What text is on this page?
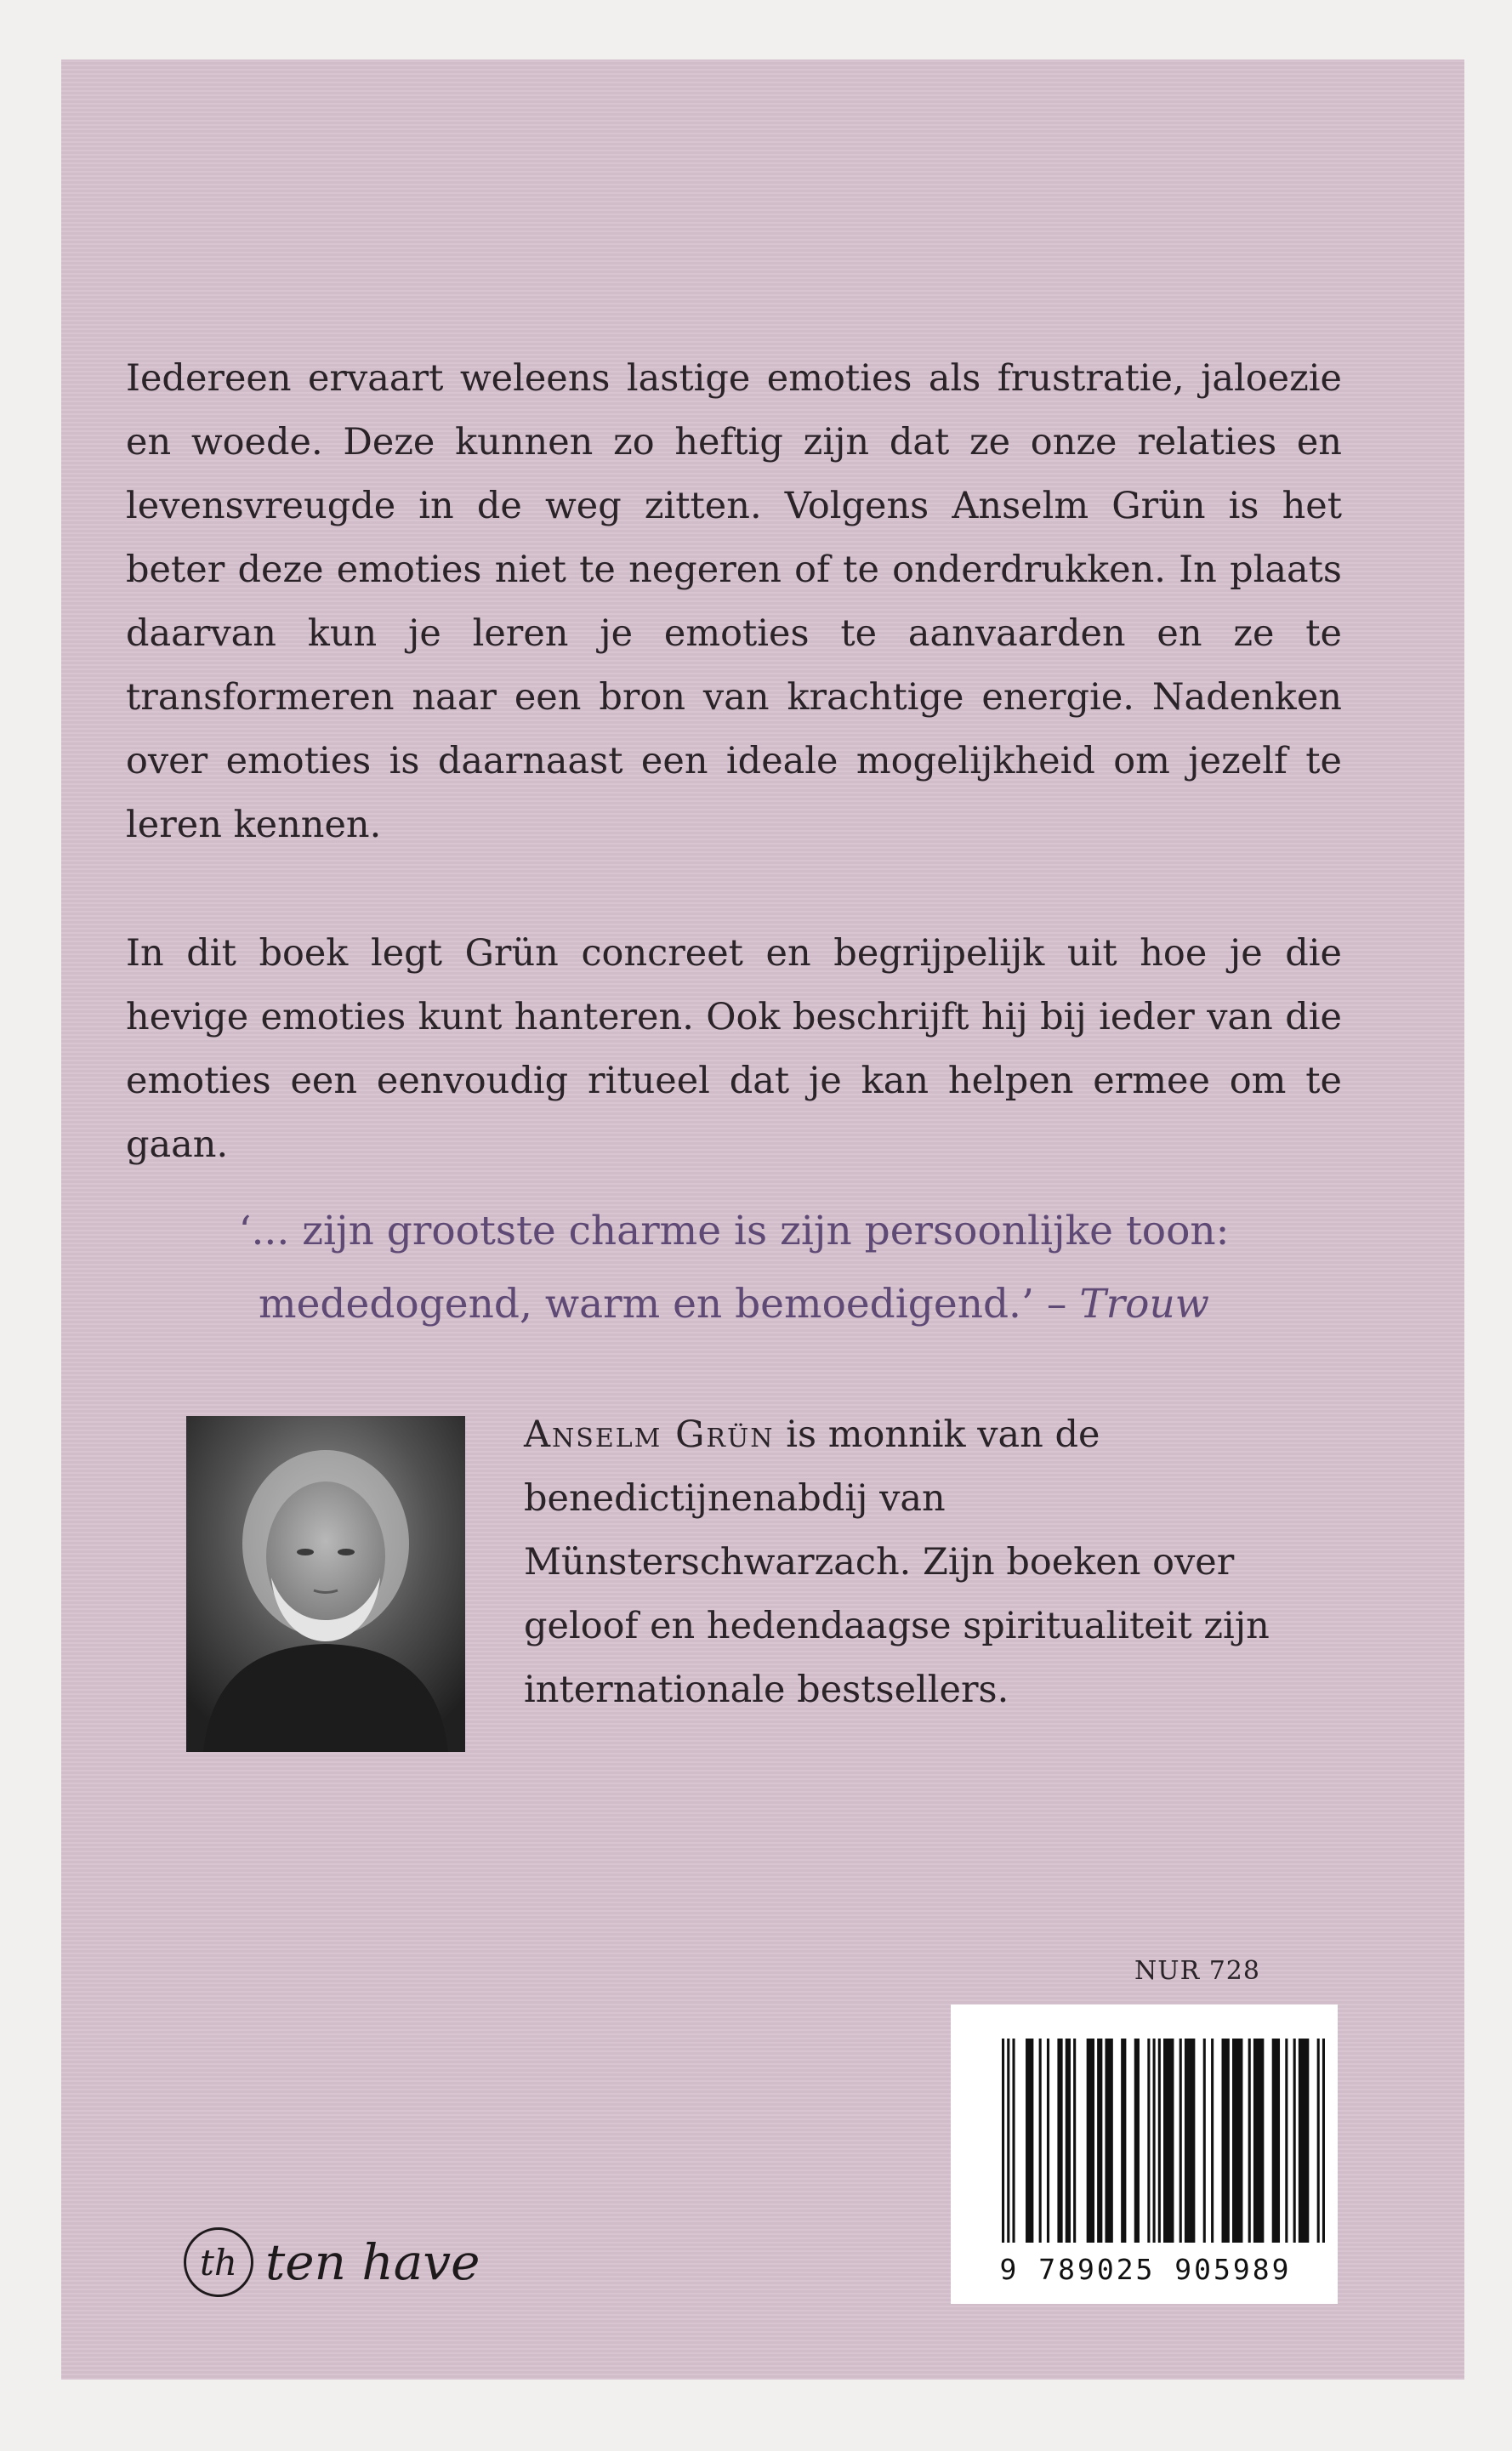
Iedereen ervaart weleens lastige emoties als frustratie, jaloezie en woede. Deze kunnen zo heftig zijn dat ze onze relaties en levensvreugde in de weg zitten. Volgens Anselm Grün is het beter deze emoties niet te negeren of te onderdrukken. In plaats daarvan kun je leren je emoties te aanvaarden en ze te transformeren naar een bron van krachtige energie. Nadenken over emoties is daarnaast een ideale mogelijkheid om jezelf te leren kennen.

In dit boek legt Grün concreet en begrijpelijk uit hoe je die hevige emoties kunt hanteren. Ook beschrijft hij bij ieder van die emoties een eenvoudig ritueel dat je kan helpen ermee om te gaan.

‘... zijn grootste charme is zijn persoonlijke toon: mededogend, warm en bemoedigend.’ – Trouw

Anselm Grün is monnik van de benedictijnenabdij van Münsterschwarzach. Zijn boeken over geloof en hedendaagse spiritualiteit zijn internationale bestsellers.

NUR 728

9 789025 905989

th ten have
